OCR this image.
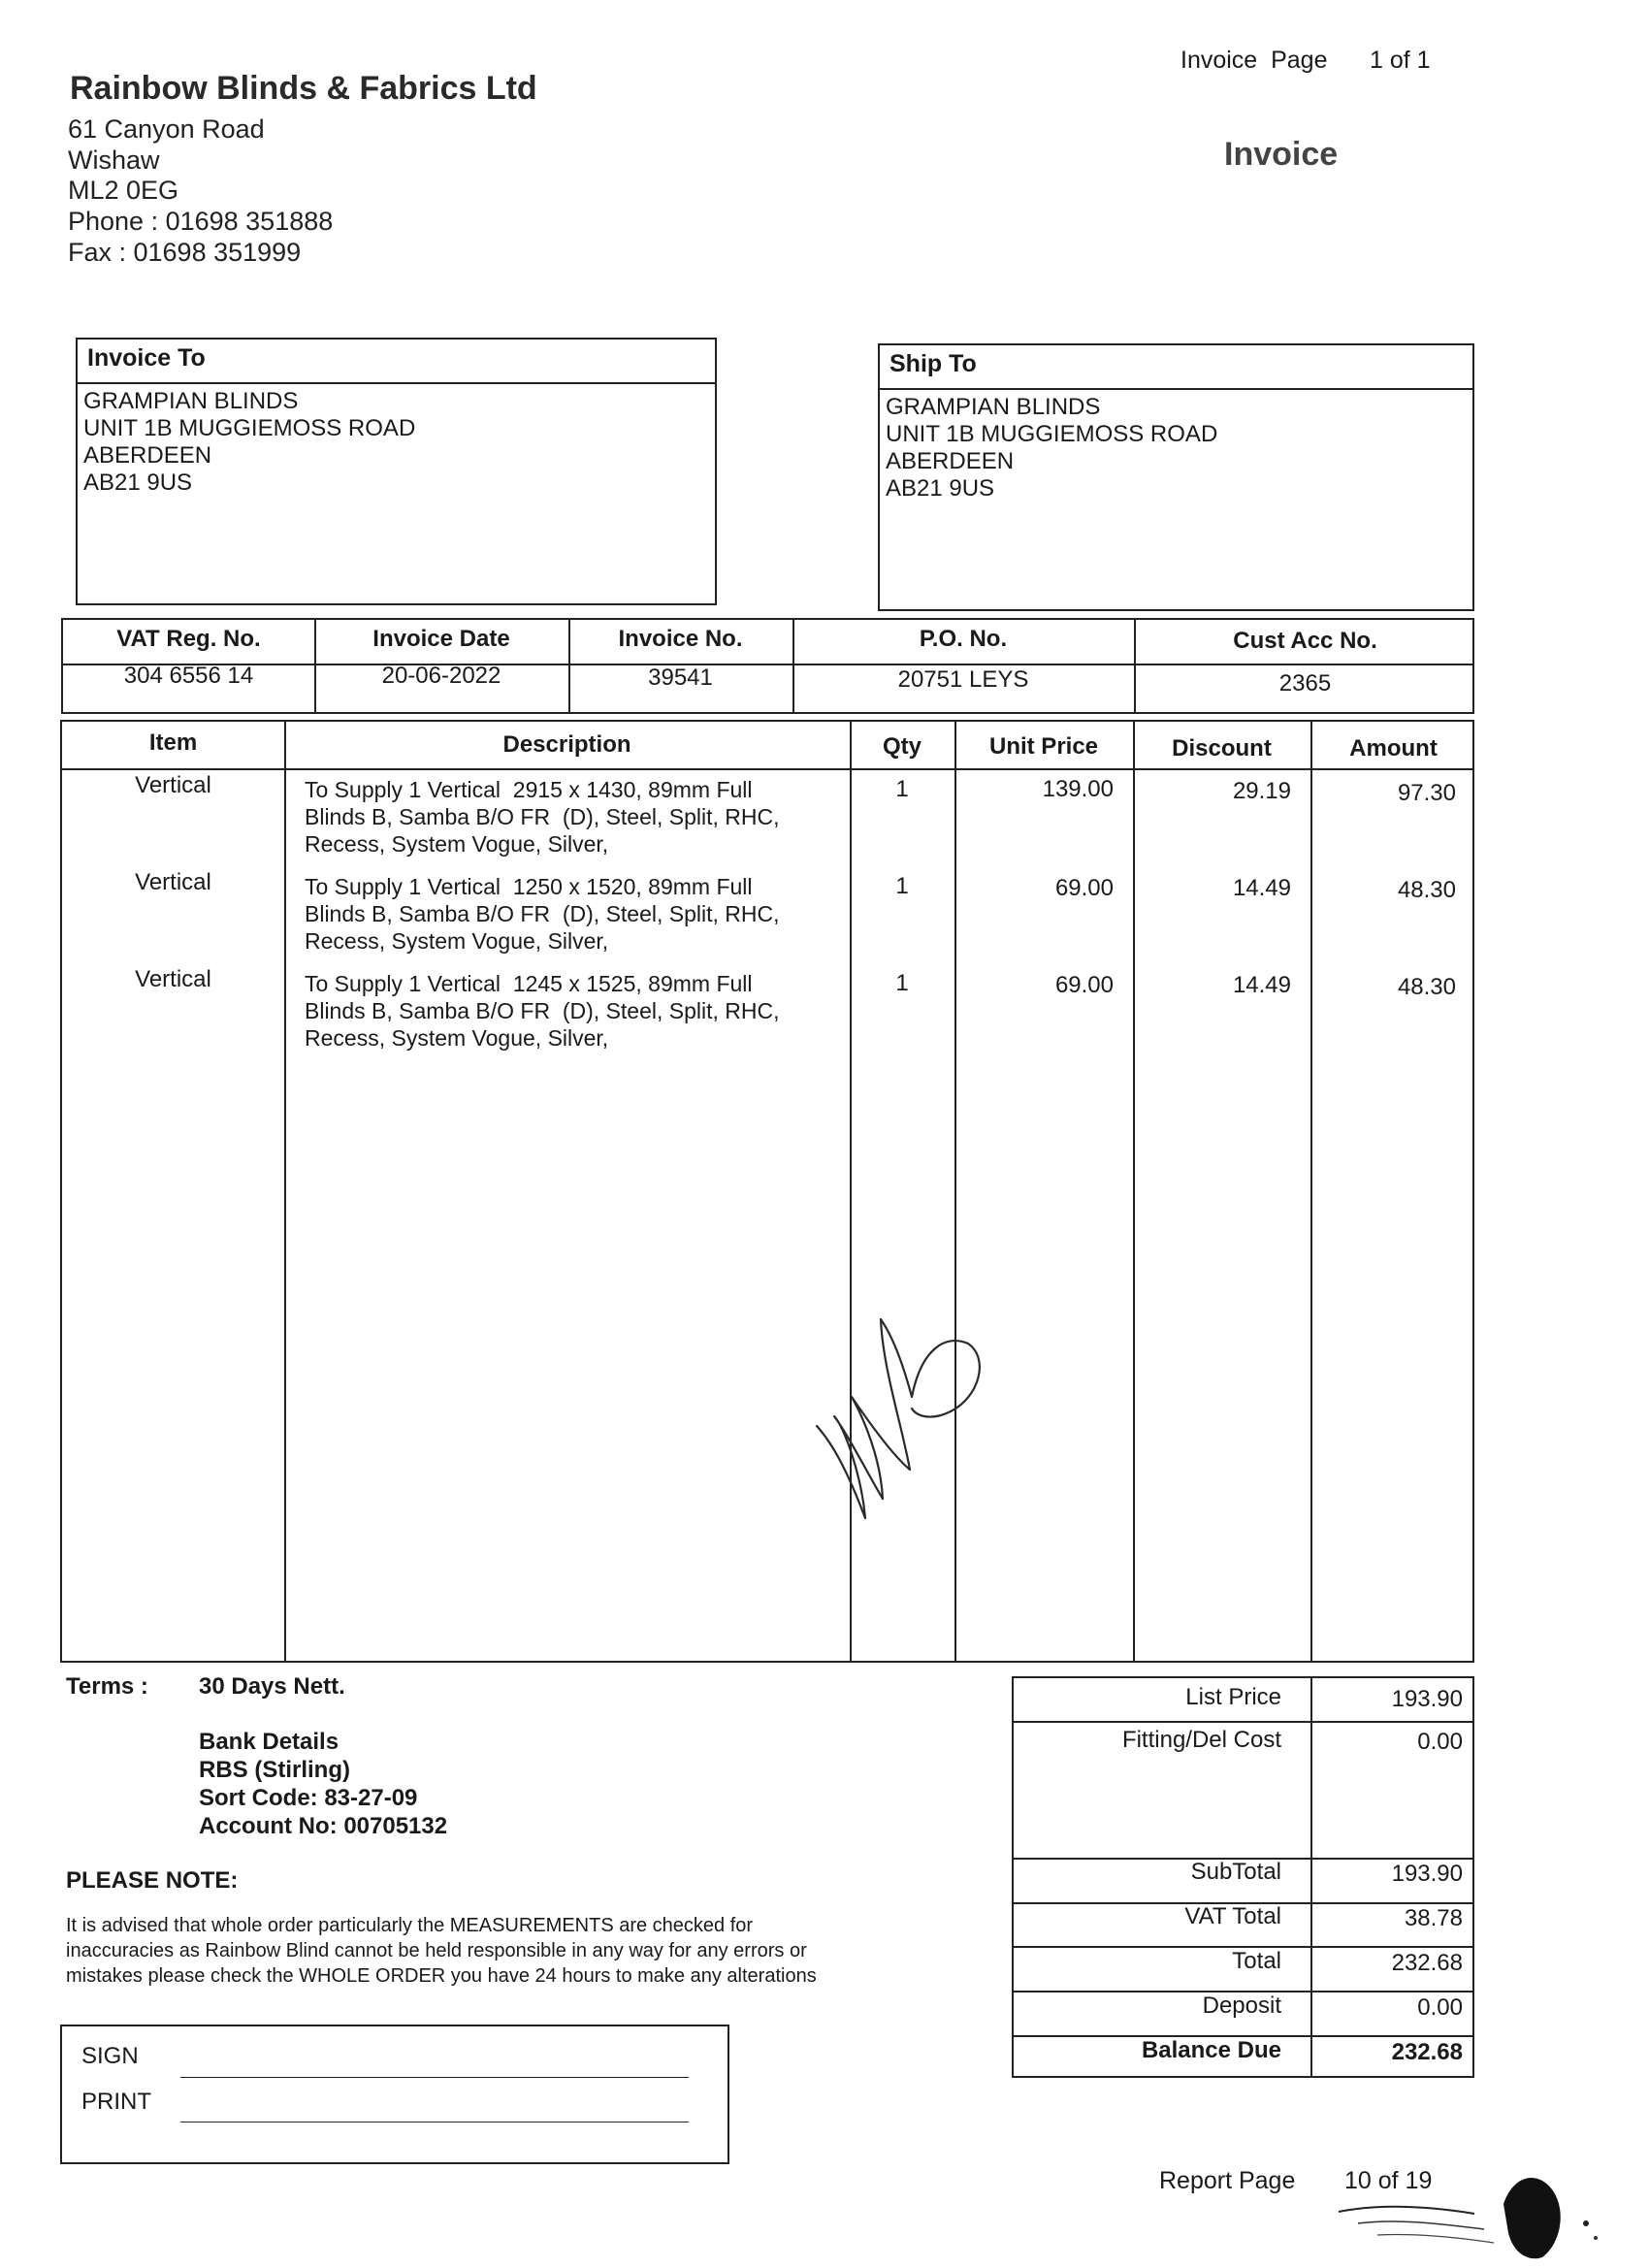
Rainbow Blinds & Fabrics Ltd
61 Canyon Road
Wishaw
ML2 0EG
Phone : 01698 351888
Fax : 01698 351999
Invoice  Page 1 of 1
Invoice
Invoice To
GRAMPIAN BLINDS
UNIT 1B MUGGIEMOSS ROAD
ABERDEEN
AB21 9US
Ship To
GRAMPIAN BLINDS
UNIT 1B MUGGIEMOSS ROAD
ABERDEEN
AB21 9US
VAT Reg. No.	Invoice Date	Invoice No.	P.O. No.	Cust Acc No.
304 6556 14	20-06-2022	39541	20751 LEYS	2365
Item	Description	Qty	Unit Price	Discount	Amount
Vertical	To Supply 1 Vertical  2915 x 1430, 89mm Full
Blinds B, Samba B/O FR  (D), Steel, Split, RHC,
Recess, System Vogue, Silver,
1	139.00	29.19	97.30
Vertical	To Supply 1 Vertical  1250 x 1520, 89mm Full
Blinds B, Samba B/O FR  (D), Steel, Split, RHC,
Recess, System Vogue, Silver,
1	69.00	14.49	48.30
Vertical	To Supply 1 Vertical  1245 x 1525, 89mm Full
Blinds B, Samba B/O FR  (D), Steel, Split, RHC,
Recess, System Vogue, Silver,
1	69.00	14.49	48.30
Terms : 30 Days Nett.
Bank Details
RBS (Stirling)
Sort Code: 83-27-09
Account No: 00705132
PLEASE NOTE:
It is advised that whole order particularly the MEASUREMENTS are checked for
inaccuracies as Rainbow Blind cannot be held responsible in any way for any errors or
mistakes please check the WHOLE ORDER you have 24 hours to make any alterations
List Price	193.90
Fitting/Del Cost	0.00
SubTotal	193.90
VAT Total	38.78
Total	232.68
Deposit	0.00
Balance Due	232.68
SIGN
PRINT
Report Page 10 of 19
